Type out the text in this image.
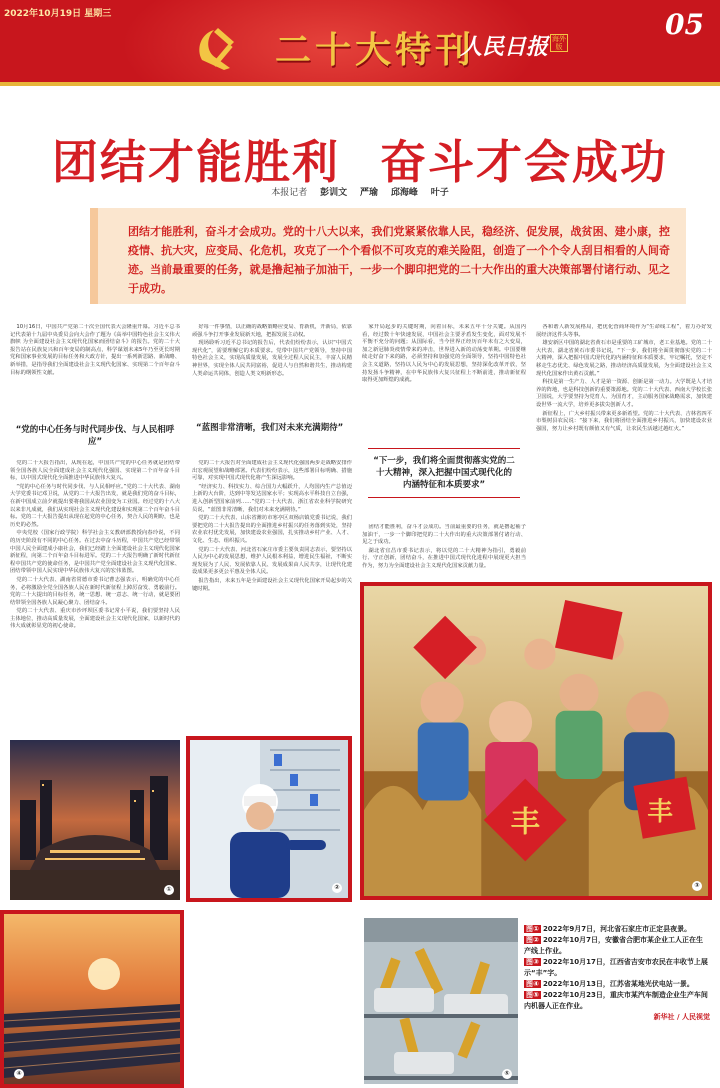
2022年10月19日 星期三
二十大特刊
人民日报 海外版
05
团结才能胜利 奋斗才会成功
本报记者 彭训文 严瑜 邱海峰 叶子

团结才能胜利，奋斗才会成功。党的十八大以来，我们党紧紧依靠人民，稳经济、促发展，战贫困、建小康，控疫情、抗大灾，应变局、化危机，攻克了一个个看似不可攻克的难关险阻，创造了一个个令人刮目相看的人间奇迹。当前最重要的任务，就是撸起袖子加油干，一步一个脚印把党的二十大作出的重大决策部署付诸行动、见之于成功。

10月16日，中国共产党第二十次全国代表大会隆重开幕。习近平总书记代表第十九届中央委员会向大会作了题为《高举中国特色社会主义伟大旗帜 为全面建设社会主义现代化国家而团结奋斗》的报告。党的二十大报告站在民族复兴和百年变局的制高点，科学谋划未来5年乃至更长时期党和国家事业发展的目标任务和大政方针，提出一系列新思路、新战略、新举措，是指导我们全面建设社会主义现代化国家、实现第二个百年奋斗目标的纲领性文献。

“党的中心任务与时代同步伐、与人民相呼应”

党的二十大报告指出，从现在起，中国共产党的中心任务就是团结带领全国各族人民全面建成社会主义现代化强国、实现第二个百年奋斗目标，以中国式现代化全面推进中华民族伟大复兴。

“党的中心任务与时代同步伐、与人民相呼应。”党的二十大代表、湖南大学党委书记邓卫说，从党的二十大报告出发，就是我们党的奋斗目标，在新中国成立前夕就提出要将我国从农业国变为工业国。经过党的十八大以来非凡成就，我们从实现社会主义现代化建设和实现第二个百年奋斗目标。党的二十大报告提出从现在起党的中心任务，契合人民的期盼，也是历史的必然。

中央党校（国家行政学院）科学社会主义教研部教授向春玲说，不同的历史阶段有不同的中心任务。在过去中奋斗历程，中国共产党已经带领中国人民全面建成小康社会，我们已经踏上全面建设社会主义现代化国家新征程，向第二个百年奋斗目标进军。党的二十大报告明确了新时代新征程中国共产党的使命任务，是中国共产党全面建设社会主义现代化国家、团结带领中国人民实现中华民族伟大复兴的宏伟蓝图。

党的二十大代表、湖南省常德市委书记曹志强表示，明确党的中心任务，必将激励全党全国各族人民在新时代新征程上踔厉奋发、勇毅前行。党的二十大提出的目标任务，统一思想、统一意志、统一行动，就是要团结带领全国各族人民凝心聚力、团结奋斗。

党的二十大代表、重庆市沙坪坝区委书记常小平说，我们要坚持人民主体地位，推动高质量发展，全面建设社会主义现代化国家，以新时代的伟大成就彰显党的初心使命。

好每一件事情，以正确的战略策略应变局、育新机，开新局，依靠顽强斗争打开事业发展新天地，把握发展主动权。

现场聆听习近平总书记的报告后，代表们纷纷表示，认识“中国式现代化”，需要理解它的本质要求。党带中国共产党领导，坚持中国特色社会主义，实现高质量发展，发展全过程人民民主，丰富人民精神世界，实现全体人民共同富裕，促进人与自然和谐共生，推动构建人类命运共同体，创造人类文明新形态。

“蓝图非常清晰，我们对未来充满期待”

党的二十大报告对全面建成社会主义现代化强国两步走战略安排作出宏观展望和战略部署。代表们纷纷表示，这些部署目标明确、措施可靠，对实现中国式现代化将产生深远影响。

“经济实力、科技实力、综合国力大幅跃升，人均国内生产总值迈上新的大台阶，达到中等发达国家水平；实现高水平科技自立自强，进入创新型国家前列……”党的二十大代表、浙江省农业科学院研究员说，“蓝图非常清晰，我们对未来充满期待。”

党的二十大代表、山东省潍坊市寒亭区双杨店镇党委书记说，我们要把党的二十大报告提出的全面推进乡村振兴的任务落到实处，坚持农业农村优先发展，加快建设农业强国，扎实推动乡村产业、人才、文化、生态、组织振兴。

党的二十大代表、河北省石家庄市委主要负责同志表示，要坚持以人民为中心的发展思想，维护人民根本利益，增进民生福祉，不断实现发展为了人民、发展依靠人民、发展成果由人民共享，让现代化建设成果更多更公平惠及全体人民。

报告指出，未来五年是全面建设社会主义现代化国家开局起步的关键时期。

家开局起步的关键时期，向着目标，未来五年十分关键。从国内看，经过数十年快速发展，中国社会主要矛盾发生变化，面对发展不平衡不充分的问题；从国际看，当今世界正经历百年未有之大变局，加之新冠肺炎疫情带来的冲击，世界进入新的动荡变革期。中国要继续走好奋下来的路，必须坚持和加强党的全面领导，坚持中国特色社会主义道路，坚持以人民为中心的发展思想，坚持深化改革开放，坚持发扬斗争精神，在中华民族伟大复兴征程上不断前进，推动新征程取得更加辉煌的成就。

“下一步，我们将全面贯彻落实党的二十大精神，深入把握中国式现代化的内涵特征和本质要求”

团结才能胜利，奋斗才会成功。当前最重要的任务，就是撸起袖子加油干，一步一个脚印把党的二十大作出的重大决策部署付诸行动、见之于成功。

湖北省宜昌市委书记表示，将以党的二十大精神为指引，勇毅前行、守正创新，团结奋斗，在推进中国式现代化进程中展现更大担当作为，努力为全面建设社会主义现代化国家贡献力量。

各和谐人新发展格局，把优化营商环境作为“生命线工程”，着力办好发展经济这件头等事。

雄安新区中国的湖北省黄石市是重要的工矿城市，老工业基地。党的二十大代表、湖北省黄石市委书记说，“下一步，我们将全面贯彻落实党的二十大精神，深入把握中国式现代化的内涵特征和本质要求，牢记嘱托，坚定不移走生态优先、绿色发展之路，推动经济高质量发展，为全面建设社会主义现代化国家作出黄石贡献。”

科技是第一生产力、人才是第一资源、创新是第一动力。大学既是人才培养的阵地，也是科技创新的重要策源地。党的二十大代表、西南大学校长张卫国说，大学要坚持为党育人、为国育才，主动服务国家战略需求，加快建设世界一流大学，培养更多拔尖创新人才。

新征程上，广大乡村振兴带来更多新希望。党的二十大代表、吉林省四平市梨树县农民说：“接下来，我们将团结全面推进乡村振兴，加快建设农业强国，努力让乡村既有颜值又有气质，让农民生活越过越红火。”

丰	丰
③
①	②
④	⑤
图① 2022年9月7日，河北省石家庄市正定县夜景。
图② 2022年10月7日，安徽省合肥市某企业工人正在生产线上作业。
图③ 2022年10月17日，江西省吉安市农民在丰收节上展示“丰”字。
图④ 2022年10月13日，江苏省某地光伏电站一景。
图⑤ 2022年10月23日，重庆市某汽车制造企业生产车间内机器人正在作业。
新华社 / 人民视觉
